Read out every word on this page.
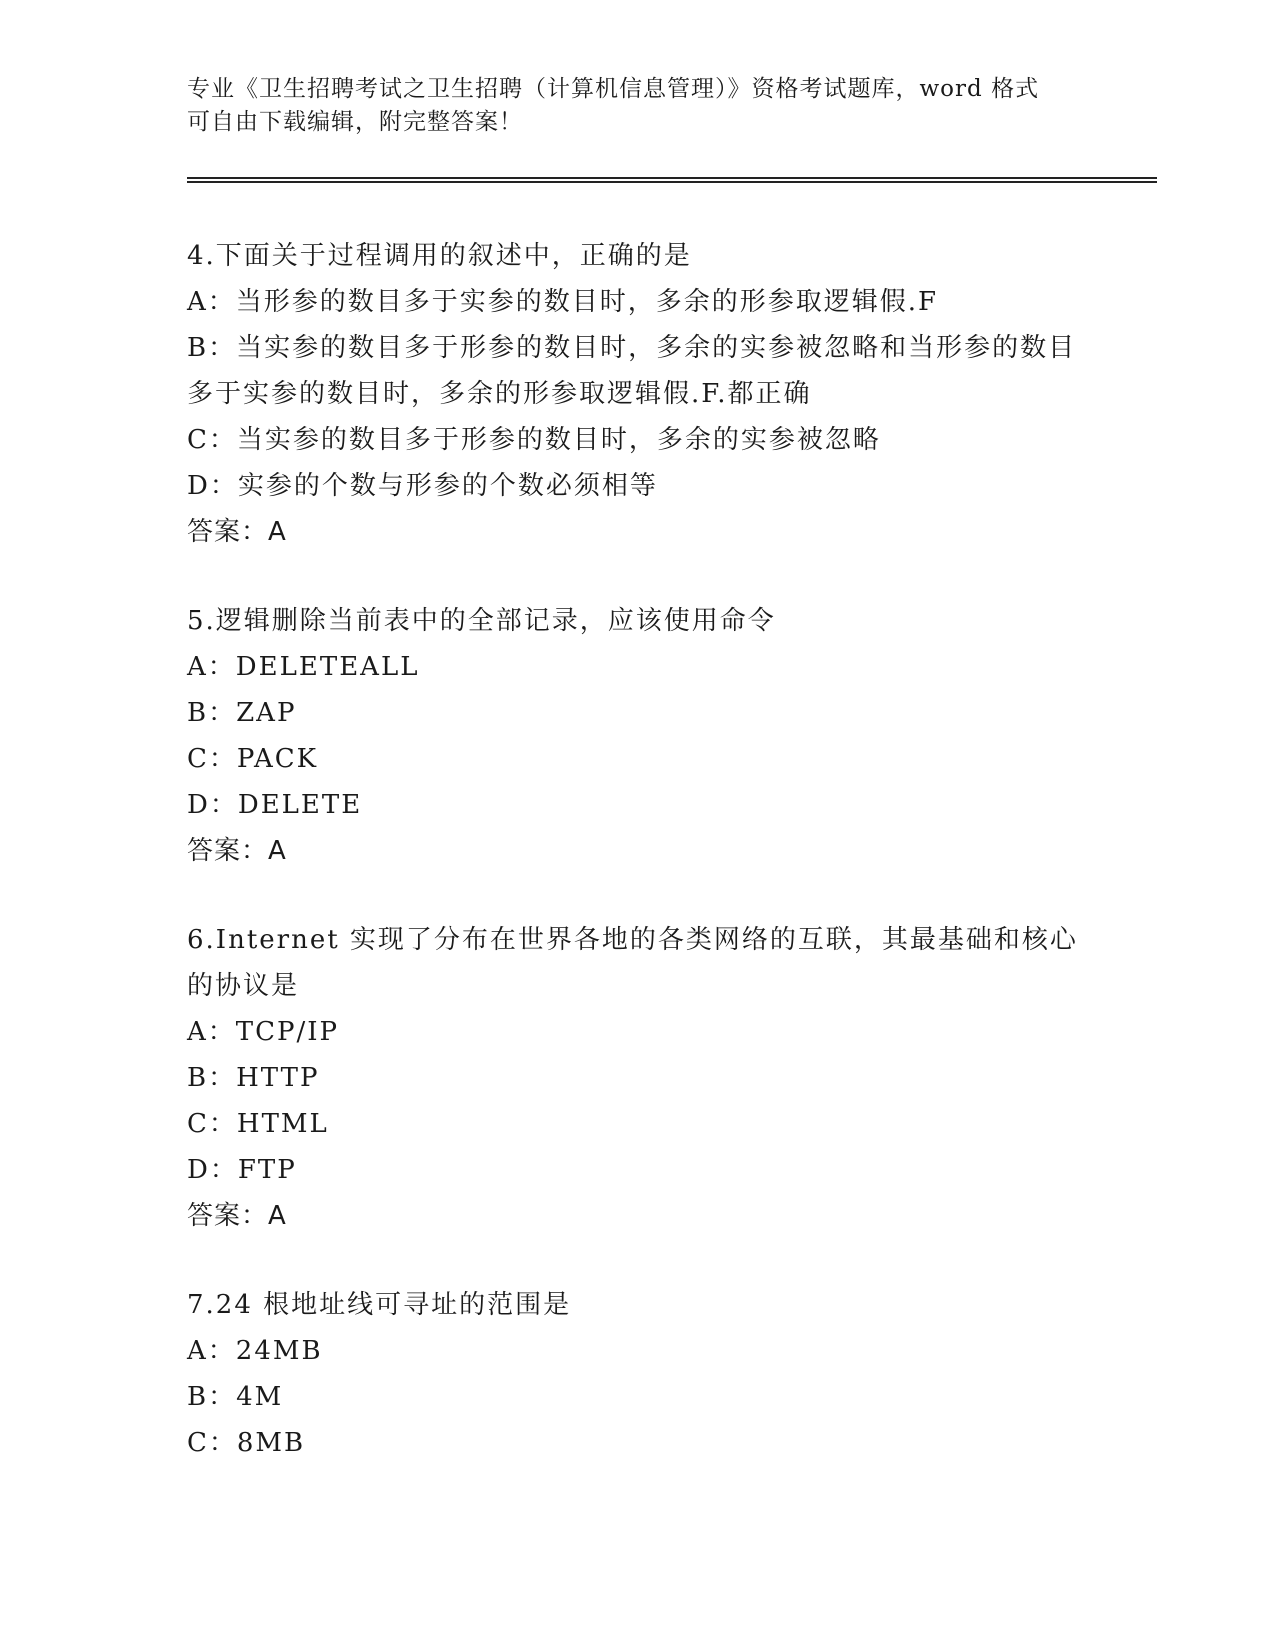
专业《卫生招聘考试之卫生招聘（计算机信息管理）》资格考试题库，word 格式
可自由下载编辑，附完整答案！
4.下面关于过程调用的叙述中，正确的是
A：当形参的数目多于实参的数目时，多余的形参取逻辑假.F
B：当实参的数目多于形参的数目时，多余的实参被忽略和当形参的数目多于实参的数目时，多余的形参取逻辑假.F.都正确
C：当实参的数目多于形参的数目时，多余的实参被忽略
D：实参的个数与形参的个数必须相等
答案：A
5.逻辑删除当前表中的全部记录，应该使用命令
A：DELETEALL
B：ZAP
C：PACK
D：DELETE
答案：A
6.Internet 实现了分布在世界各地的各类网络的互联，其最基础和核心的协议是
A：TCP/IP
B：HTTP
C：HTML
D：FTP
答案：A
7.24 根地址线可寻址的范围是
A：24MB
B：4M
C：8MB
